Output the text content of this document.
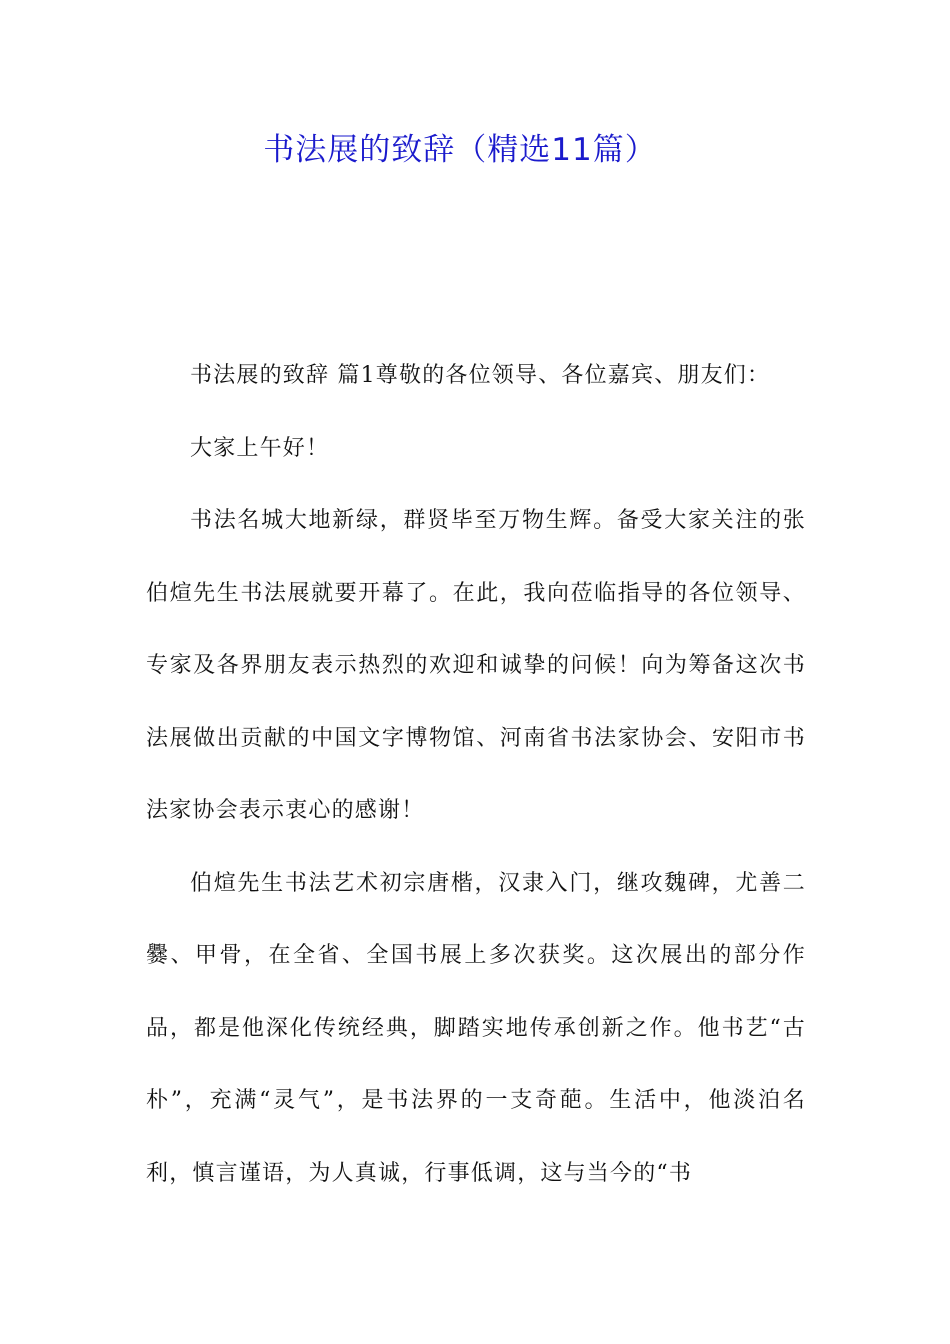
书法展的致辞（精选11篇）

书法展的致辞 篇1尊敬的各位领导、各位嘉宾、朋友们：

大家上午好！

书法名城大地新绿，群贤毕至万物生辉。备受大家关注的张伯煊先生书法展就要开幕了。在此，我向莅临指导的各位领导、专家及各界朋友表示热烈的欢迎和诚挚的问候！向为筹备这次书法展做出贡献的中国文字博物馆、河南省书法家协会、安阳市书法家协会表示衷心的感谢！

伯煊先生书法艺术初宗唐楷，汉隶入门，继攻魏碑，尤善二爨、甲骨，在全省、全国书展上多次获奖。这次展出的部分作品，都是他深化传统经典，脚踏实地传承创新之作。他书艺“古朴”，充满“灵气”，是书法界的一支奇葩。生活中，他淡泊名利，慎言谨语，为人真诚，行事低调，这与当今的“书
